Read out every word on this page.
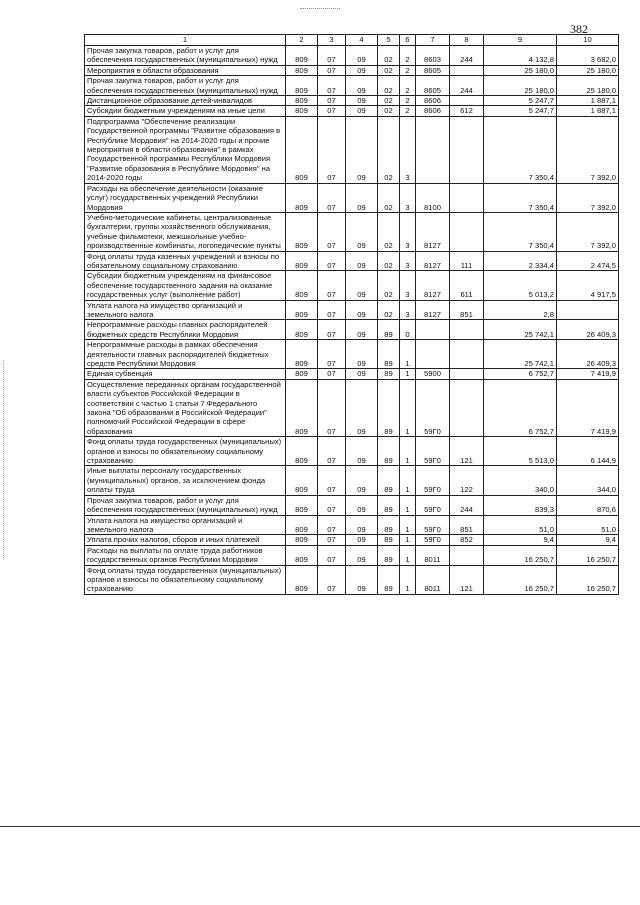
382
1	2	3	4	5	6	7	8	9	10
Прочая закупка товаров, работ и услуг для обеспечения государственных (муниципальных) нужд	809	07	09	02	2	8603	244	4 132,8	3 682,0
Мероприятия в области образования	809	07	09	02	2	8605		25 180,0	25 180,0
Прочая закупка товаров, работ и услуг для обеспечения государственных (муниципальных) нужд	809	07	09	02	2	8605	244	25 180,0	25 180,0
Дистанционное образование детей-инвалидов	809	07	09	02	2	8606		5 247,7	1 887,1
Субсидии бюджетным учреждениям на иные цели	809	07	09	02	2	8606	612	5 247,7	1 887,1
Подпрограмма "Обеспечение реализации Государственной программы "Развитие образования в Республике Мордовия" на 2014-2020 годы и прочие мероприятия в области образования" в рамках Государственной программы Республики Мордовия "Развитие образования в Республике Мордовия" на 2014-2020 годы	809	07	09	02	3			7 350,4	7 392,0
Расходы на обеспечение деятельности (оказание услуг) государственных учреждений Республики Мордовия	809	07	09	02	3	8100		7 350,4	7 392,0
Учебно-методические кабинеты, централизованные бухгалтерии, группы хозяйственного обслуживания, учебные фильмотеки, межшкольные учебно-производственные комбинаты, логопедические пункты	809	07	09	02	3	8127		7 350,4	7 392,0
Фонд оплаты труда казенных учреждений и взносы по обязательному социальному страхованию	809	07	09	02	3	8127	111	2 334,4	2 474,5
Субсидии бюджетным учреждениям на финансовое обеспечение государственного задания на оказание государственных услуг (выполнение работ)	809	07	09	02	3	8127	611	5 013,2	4 917,5
Уплата налога на имущество организаций и земельного налога	809	07	09	02	3	8127	851	2,8	
Непрограммные расходы главных распорядителей бюджетных средств Республики Мордовия	809	07	09	89	0			25 742,1	26 409,3
Непрограммные расходы в рамках обеспечения деятельности главных распорядителей бюджетных средств Республики Мордовия	809	07	09	89	1			25 742,1	26 409,3
Единая субвенция	809	07	09	89	1	5900		6 752,7	7 419,9
Осуществление переданных органам государственной власти субъектов Российской Федерации в соответствии с частью 1 статьи 7 Федерального закона "Об образовании в Российской Федерации" полномочий Российской Федерации в сфере образования	809	07	09	89	1	59Г0		6 752,7	7 419,9
Фонд оплаты труда государственных (муниципальных) органов и взносы по обязательному социальному страхованию	809	07	09	89	1	59Г0	121	5 513,0	6 144,9
Иные выплаты персоналу государственных (муниципальных) органов, за исключением фонда оплаты труда	809	07	09	89	1	59Г0	122	340,0	344,0
Прочая закупка товаров, работ и услуг для обеспечения государственных (муниципальных) нужд	809	07	09	89	1	59Г0	244	839,3	870,6
Уплата налога на имущество организаций и земельного налога	809	07	09	89	1	59Г0	851	51,0	51,0
Уплата прочих налогов, сборов и иных платежей	809	07	09	89	1	59Г0	852	9,4	9,4
Расходы на выплаты по оплате труда работников государственных органов Республики Мордовия	809	07	09	89	1	8011		16 250,7	16 250,7
Фонд оплаты труда государственных (муниципальных) органов и взносы по обязательному социальному страхованию	809	07	09	89	1	8011	121	16 250,7	16 250,7
